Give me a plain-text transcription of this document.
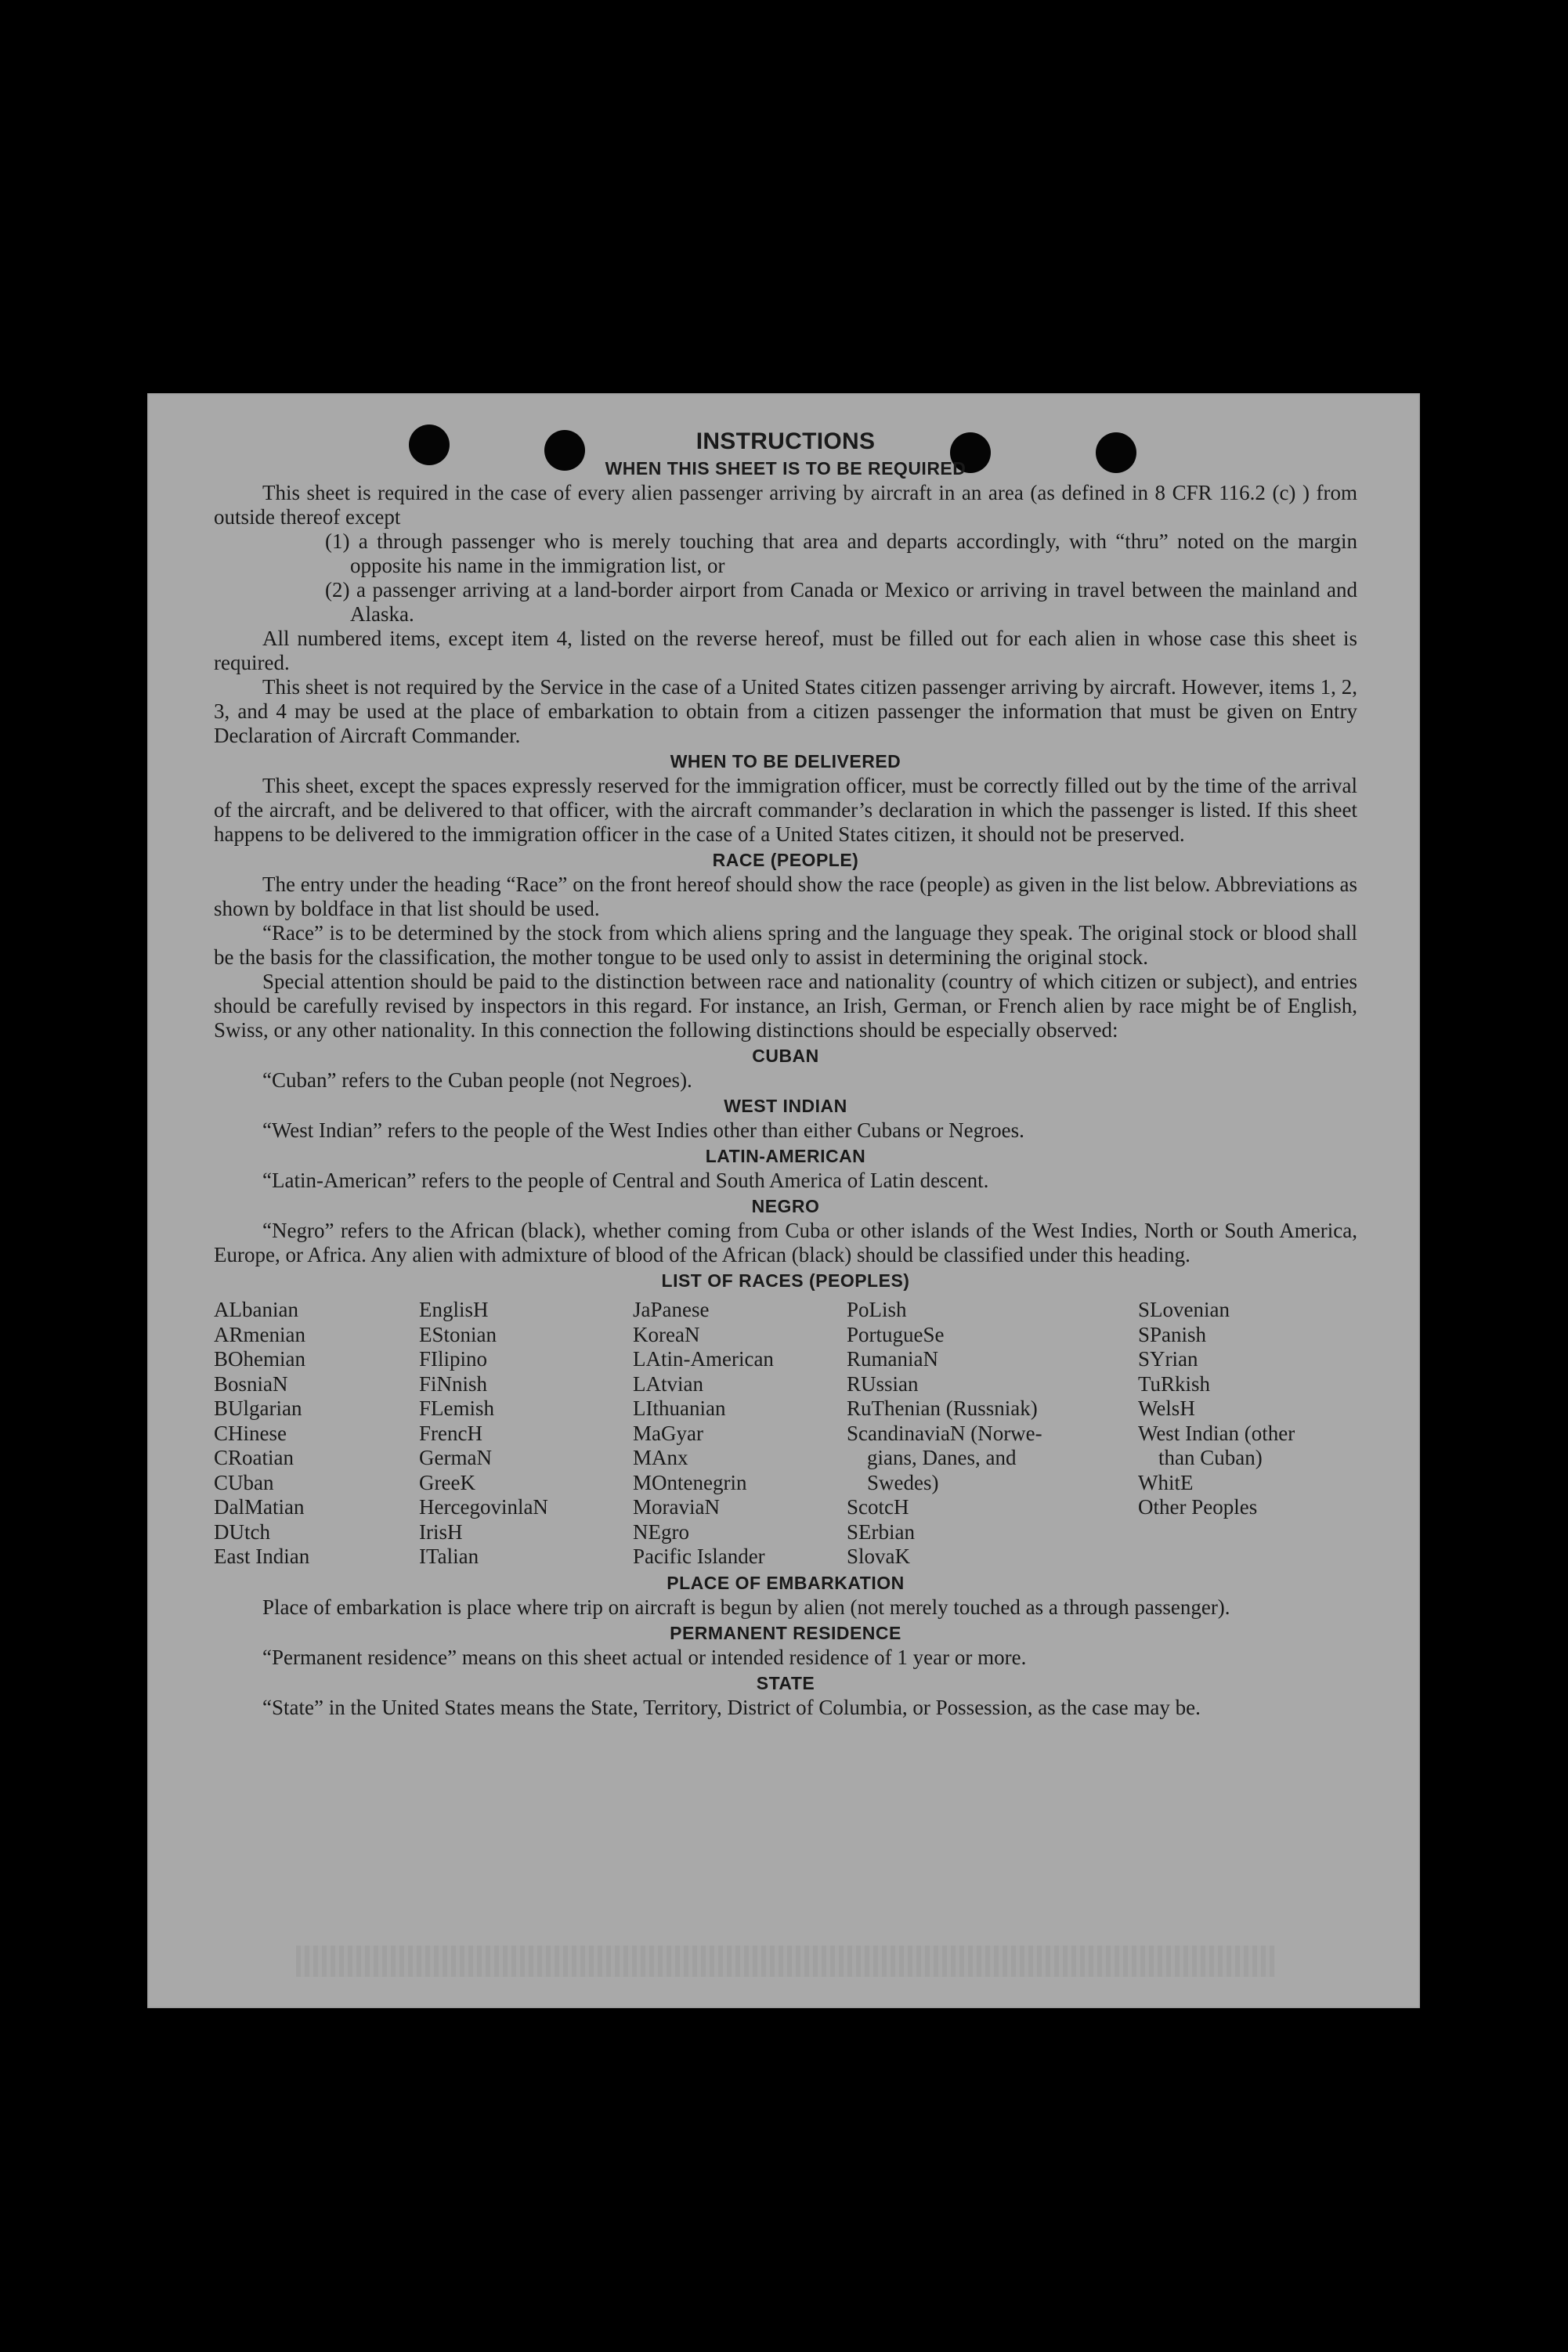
INSTRUCTIONS
WHEN THIS SHEET IS TO BE REQUIRED

This sheet is required in the case of every alien passenger arriving by aircraft in an area (as defined in 8 CFR 116.2 (c) ) from outside thereof except

(1) a through passenger who is merely touching that area and departs accordingly, with “thru” noted on the margin opposite his name in the immigration list, or

(2) a passenger arriving at a land-border airport from Canada or Mexico or arriving in travel between the mainland and Alaska.

All numbered items, except item 4, listed on the reverse hereof, must be filled out for each alien in whose case this sheet is required.

This sheet is not required by the Service in the case of a United States citizen passenger arriving by aircraft. However, items 1, 2, 3, and 4 may be used at the place of embarkation to obtain from a citizen passenger the information that must be given on Entry Declaration of Aircraft Commander.

WHEN TO BE DELIVERED

This sheet, except the spaces expressly reserved for the immigration officer, must be correctly filled out by the time of the arrival of the aircraft, and be delivered to that officer, with the aircraft commander’s declaration in which the passenger is listed. If this sheet happens to be delivered to the immigration officer in the case of a United States citizen, it should not be preserved.

RACE (PEOPLE)

The entry under the heading “Race” on the front hereof should show the race (people) as given in the list below. Abbreviations as shown by boldface in that list should be used.

“Race” is to be determined by the stock from which aliens spring and the language they speak. The original stock or blood shall be the basis for the classification, the mother tongue to be used only to assist in determining the original stock.

Special attention should be paid to the distinction between race and nationality (country of which citizen or subject), and entries should be carefully revised by inspectors in this regard. For instance, an Irish, German, or French alien by race might be of English, Swiss, or any other nationality. In this connection the following distinctions should be especially observed:

CUBAN

“Cuban” refers to the Cuban people (not Negroes).

WEST INDIAN

“West Indian” refers to the people of the West Indies other than either Cubans or Negroes.

LATIN-AMERICAN

“Latin-American” refers to the people of Central and South America of Latin descent.

NEGRO

“Negro” refers to the African (black), whether coming from Cuba or other islands of the West Indies, North or South America, Europe, or Africa. Any alien with admixture of blood of the African (black) should be classified under this heading.

LIST OF RACES (PEOPLES)
ALbanian
ARmenian
BOhemian
BosniaN
BUlgarian
CHinese
CRoatian
CUban
DalMatian
DUtch
East Indian
EnglisH
EStonian
FIlipino
FiNnish
FLemish
FrencH
GermaN
GreeK
HercegovinlaN
IrisH
ITalian
JaPanese
KoreaN
LAtin-American
LAtvian
LIthuanian
MaGyar
MAnx
MOntenegrin
MoraviaN
NEgro
Pacific Islander
PoLish
PortugueSe
RumaniaN
RUssian
RuThenian (Russniak)
ScandinaviaN (Norwe-
gians, Danes, and
Swedes)
ScotcH
SErbian
SlovaK
SLovenian
SPanish
SYrian
TuRkish
WelsH
West Indian (other
than Cuban)
WhitE
Other Peoples
PLACE OF EMBARKATION

Place of embarkation is place where trip on aircraft is begun by alien (not merely touched as a through passenger).

PERMANENT RESIDENCE

“Permanent residence” means on this sheet actual or intended residence of 1 year or more.

STATE

“State” in the United States means the State, Territory, District of Columbia, or Possession, as the case may be.
